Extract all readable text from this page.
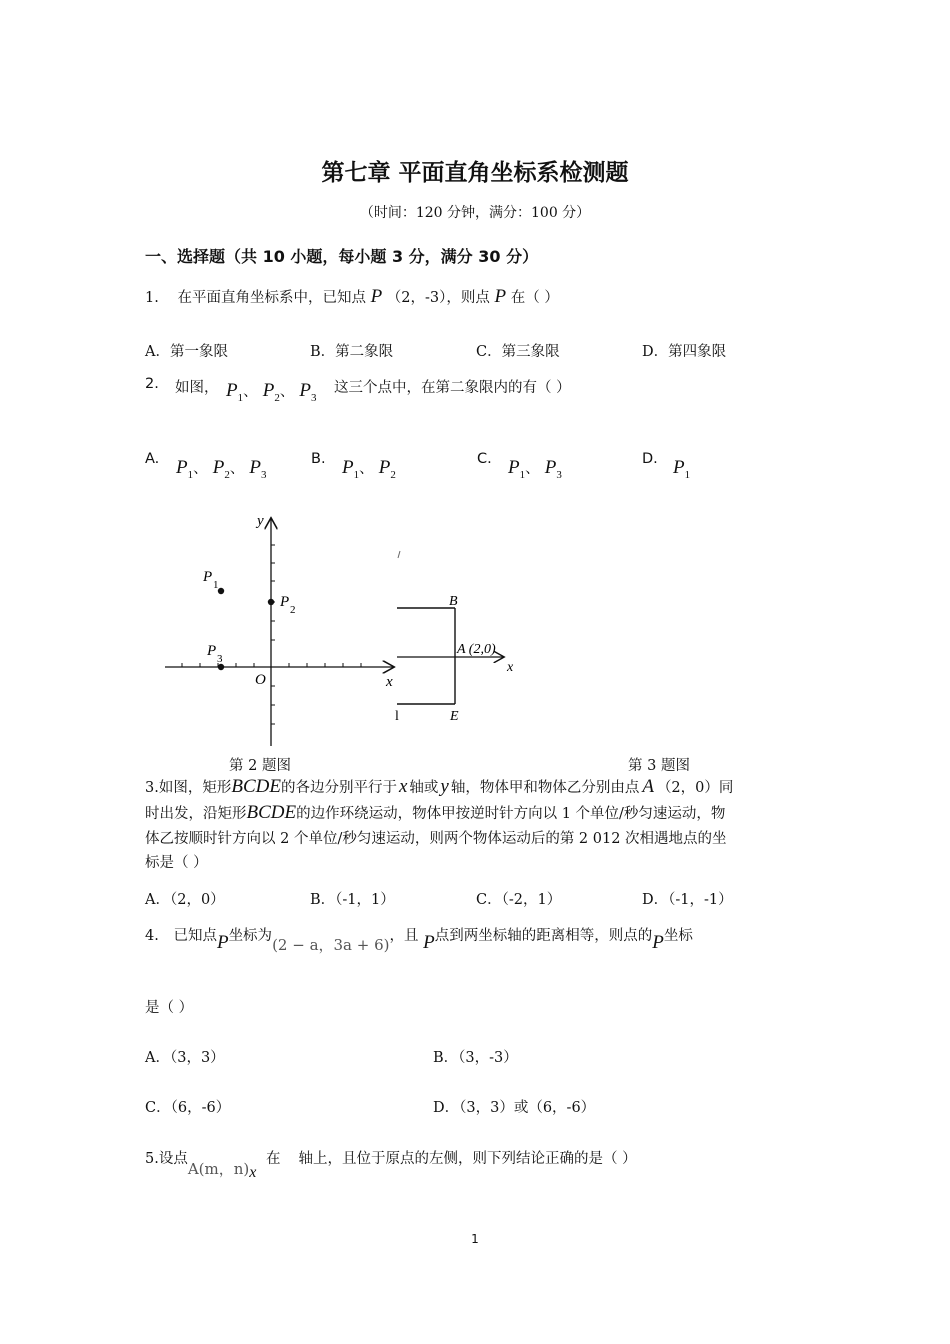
第七章 平面直角坐标系检测题
（时间：120 分钟，满分：100 分）
一、选择题（共 10 小题，每小题 3 分，满分 30 分）
1. 在平面直角坐标系中，已知点 P （2，-3），则点 P 在（ ）
A．第一象限	B．第二象限	C．第三象限	D．第四象限
2. 如图， $P_1$、 $P_2$、 $P_3$
这三个点中，在第二象限内的有（ ）
A. $P_1$、 $P_2$、 $P_3$
B. $P_1$、 $P_2$
C. $P_1$、 $P_3$
D. $P_1$
y
x
O
P 1
P 2
P 3
B
A (2,0)
E
x
l
第 2 题图	第 3 题图
3.如图，矩形BCDE的各边分别平行于 x 轴或 y 轴，物体甲和物体乙分别由点 A （2，0）同
时出发，沿矩形BCDE的边作环绕运动，物体甲按逆时针方向以 1 个单位/秒匀速运动，物
体乙按顺时针方向以 2 个单位/秒匀速运动，则两个物体运动后的第 2 012 次相遇地点的坐
标是（ ）
A．（2，0）	B．（-1，1）	C．（-2，1）	D．（-1，-1）
4. 已知点P坐标为(2 − a，3a + 6)，且 P点到两坐标轴的距离相等，则点的P坐标
是（ ）
A．（3，3）	B．（3，-3）
C．（6，-6）	D．（3，3）或（6，-6）
5.设点A(m，n)x
在 轴上，且位于原点的左侧，则下列结论正确的是（ ）
1
